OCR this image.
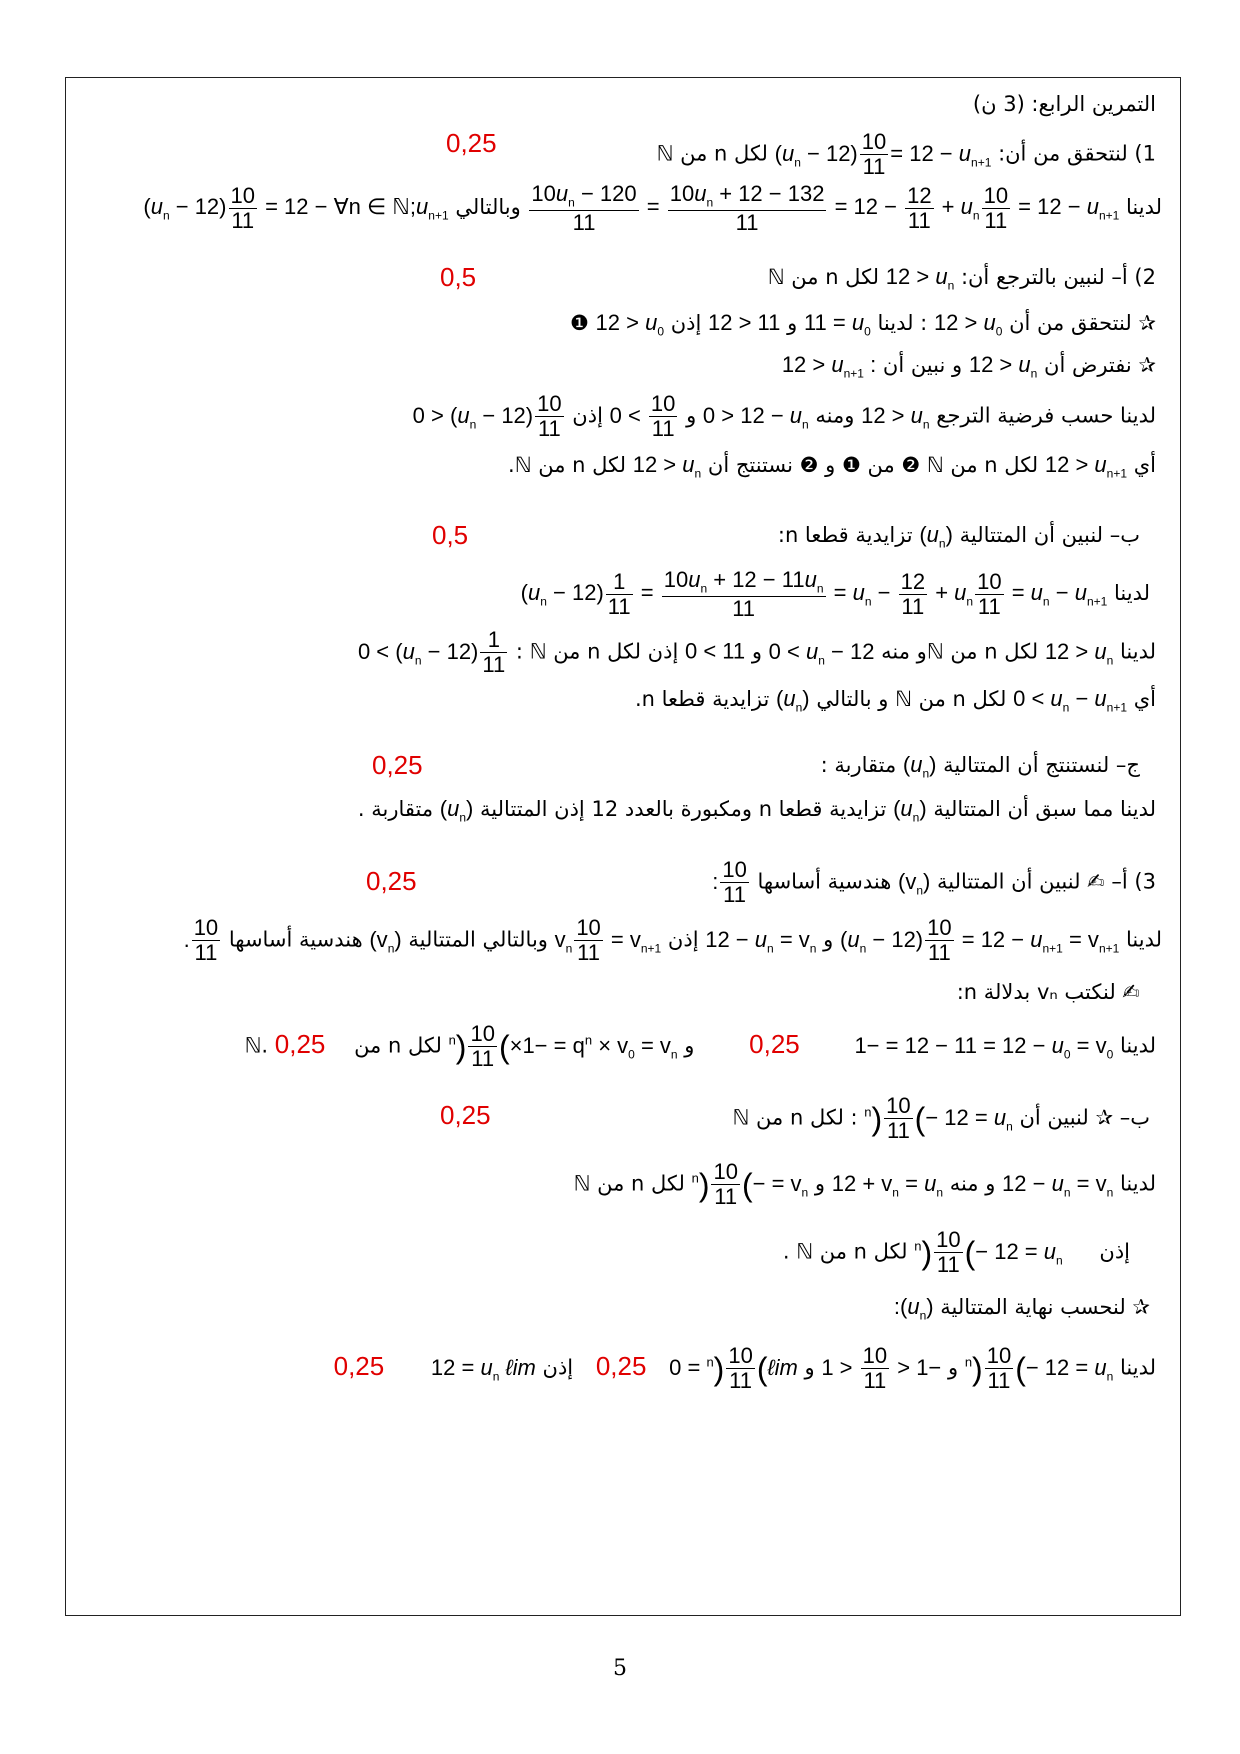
التمرين الرابع: (3 ن)
1) لنتحقق من أن: $(u_n - 12) \frac{10}{11} = 12 - u_{n+1}$ لكل n من ℕ
0,25
لدينا
$\frac{10u_n - 120}{11} = \frac{10u_n + 12 - 132}{11} = 12 - \frac{12}{11} + u_n \frac{10}{11} = 12 - u_{n+1}$ وبالتالي $(u_n - 12) \frac{10}{11} = 12$ − ∀n ∈ $ℕ;u_{n+1}$
2) أ– لنبين بالترجع أن: $12 > u_n$ لكل n من ℕ
0,5
✰ لنتحقق من أن $12 > u_0$ : لدينا $11 = u_0$ و 12 > 11 إذن $12 > u_0$ ❶
✰ نفترض أن $12 > u_n$ و نبين أن $12 > u_{n+1}$ :
لدينا حسب فرضية الترجع $12 > u_n$ ومنه $0 > 12 - u_n$ و $0 < \frac{10}{11}$
إذن $0 > (u_n - 12) \frac{10}{11}$
أي $12 > u_{n+1}$ لكل n من ℕ ❷ من ❶ و ❷ نستنتج أن $12 > u_n$ لكل n من ℕ.
ب– لنبين أن المتتالية $(u_n)$ تزايدية قطعا n:
0,5
لدينا $(u_n - 12) \frac{1}{11} = \frac{10u_n + 12 - 11u_n}{11} = u_n - \frac{12}{11} + u_n \frac{10}{11} = u_n - u_{n+1}$
لدينا $12 > u_n$ لكل n من ℕو منه $0 < u_n - 12$ و 0 < 11 إذن لكل n من ℕ : $0 < (u_n - 12) \frac{1}{11}$
أي $0 < u_n - u_{n+1}$ لكل n من ℕ و بالتالي $(u_n)$ تزايدية قطعا n.
ج– لنستنتج أن المتتالية $(u_n)$ متقاربة :
0,25
لدينا مما سبق أن المتتالية $(u_n)$ تزايدية قطعا n ومكبورة بالعدد 12 إذن المتتالية $(u_n)$ متقاربة .
3) أ– ✍ لنبين أن المتتالية $(v_n)$ هندسية أساسها : $\frac{10}{11}$
0,25
لدينا $(u_n - 12) \frac{10}{11} = 12 - u_{n+1} = v_{n+1}$ و $12 - u_n = v_n$ إذن $v_n \frac{10}{11} = v_{n+1}$ وبالتالي المتتالية $(v_n)$ هندسية أساسها . $\frac{10}{11}$
✍ لنكتب vₙ بدلالة n:
لدينا $1- = 12 - 11 = 12 - u_0 = v_0$ 0,25 و $^n) \frac{10}{11} (\times 1- = q^n \times v_0 = v_n$ لكل n من ℕ. 0,25
ب– ✰ لنبين أن $^n) \frac{10}{11}$ (− $12 = u_n$ : لكل n من ℕ
0,25
لدينا $12 - u_n = v_n$ و منه $12 + v_n = u_n$ و $^n) \frac{10}{11}$ (− = $v_n$ لكل n من ℕ
إذن $^n) \frac{10}{11}$ (− $12 = u_n$ لكل n من ℕ .
✰ لنحسب نهاية المتتالية $:(u_n)$
لدينا $^n) \frac{10}{11}$ (− $12 = u_n$ و $1 > \frac{10}{11} > 1-$ و $0 = ^n) \frac{10}{11}$ (ℓim 0,25 إذن $12 = u_n$ ℓim 0,25
5
